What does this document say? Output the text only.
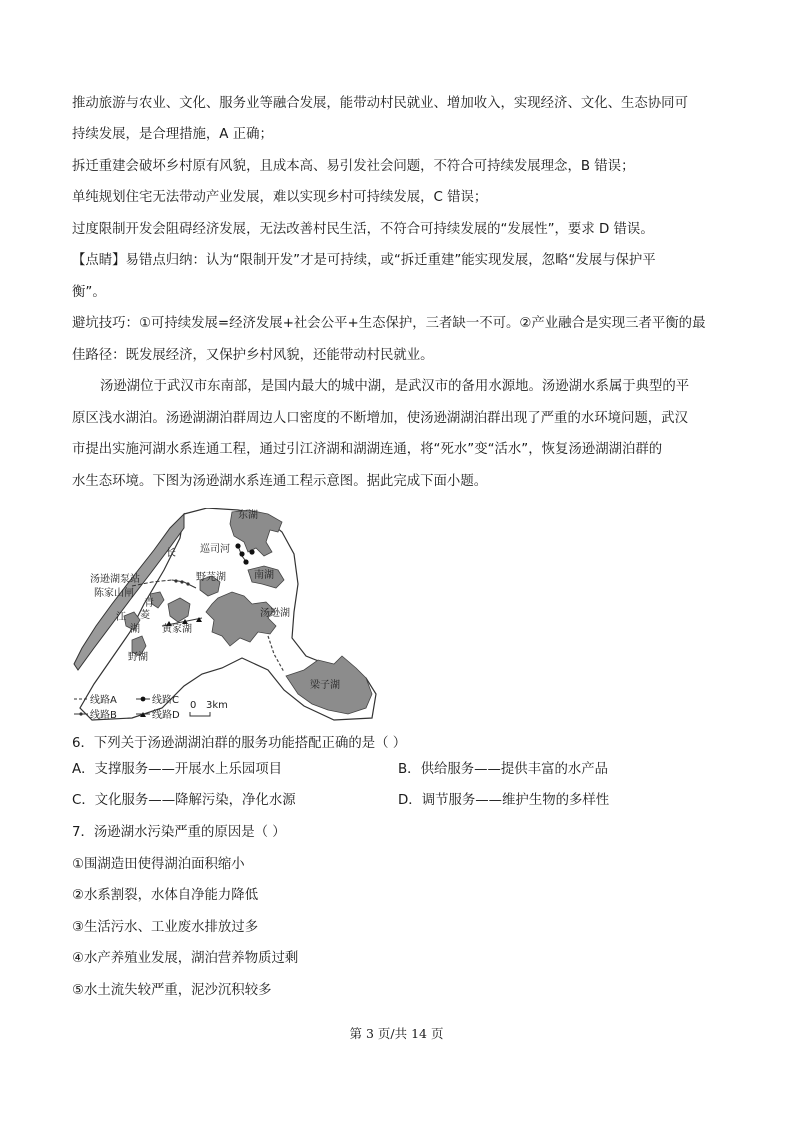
推动旅游与农业、文化、服务业等融合发展，能带动村民就业、增加收入，实现经济、文化、生态协同可

持续发展，是合理措施，A 正确；

拆迁重建会破坏乡村原有风貌，且成本高、易引发社会问题，不符合可持续发展理念，B 错误；

单纯规划住宅无法带动产业发展，难以实现乡村可持续发展，C 错误；

过度限制开发会阻碍经济发展，无法改善村民生活，不符合可持续发展的“发展性”，要求 D 错误。

【点睛】易错点归纳：认为“限制开发”才是可持续，或“拆迁重建”能实现发展，忽略“发展与保护平

衡”。

避坑技巧：①可持续发展=经济发展+社会公平+生态保护，三者缺一不可。②产业融合是实现三者平衡的最

佳路径：既发展经济，又保护乡村风貌，还能带动村民就业。

汤逊湖位于武汉市东南部，是国内最大的城中湖，是武汉市的备用水源地。汤逊湖水系属于典型的平

原区浅水湖泊。汤逊湖湖泊群周边人口密度的不断增加，使汤逊湖湖泊群出现了严重的水环境问题，武汉

市提出实施河湖水系连通工程，通过引江济湖和湖湖连通，将“死水”变“活水”，恢复汤逊湖湖泊群的

水生态环境。下图为汤逊湖水系连通工程示意图。据此完成下面小题。

东湖
巡司河
南湖
野芫湖
汤逊湖
汤逊湖泵站
陈家山闸
青
菱
黄家湖
江
湖
野湖
梁子湖
长
线路A
线路B
线路C
线路D
0 3km

6．下列关于汤逊湖湖泊群的服务功能搭配正确的是（ ）

A．支撑服务——开展水上乐园项目	B．供给服务——提供丰富的水产品
C．文化服务——降解污染，净化水源	D．调节服务——维护生物的多样性

7．汤逊湖水污染严重的原因是（ ）

①围湖造田使得湖泊面积缩小

②水系割裂，水体自净能力降低

③生活污水、工业废水排放过多

④水产养殖业发展，湖泊营养物质过剩

⑤水土流失较严重，泥沙沉积较多

第 3 页/共 14 页
